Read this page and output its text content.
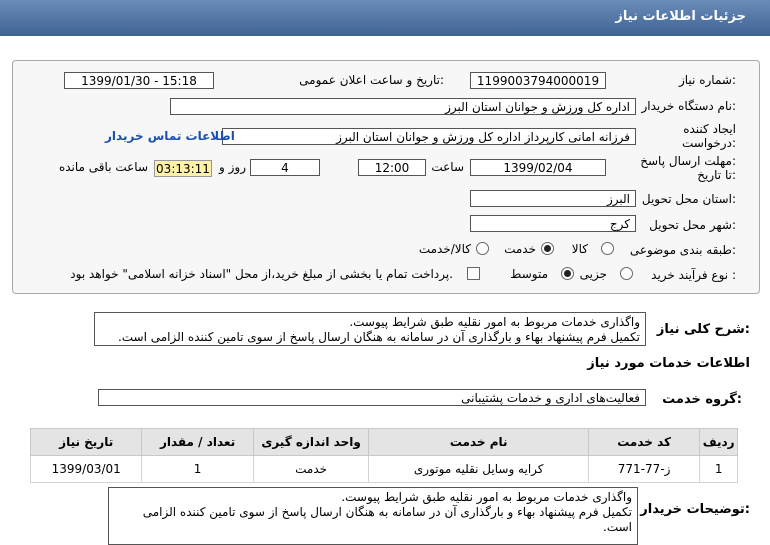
جزئیات اطلاعات نیاز
شماره نیاز:
1199003794000019
تاریخ و ساعت اعلان عمومی:
1399/01/30 - 15:18
نام دستگاه خریدار:
اداره کل ورزش و جوانان استان البرز
ایجاد کننده
درخواست:
فرزانه امانی کارپرداز اداره کل ورزش و جوانان استان البرز
اطلاعات تماس خریدار
مهلت ارسال پاسخ:
تا تاریخ:
1399/02/04
ساعت
12:00
4
روز و
03:13:11
ساعت باقی مانده
استان محل تحویل:
البرز
شهر محل تحویل:
کرج
طبقه بندی موضوعی:
کالا
خدمت
کالا/خدمت
نوع فرآیند خرید :
جزیی
متوسط
پرداخت تمام یا بخشی از مبلغ خرید،از محل "اسناد خزانه اسلامی" خواهد بود.
شرح کلی نیاز:
واگذاری خدمات مربوط به امور نقلیه طبق شرایط پیوست.
تکمیل فرم پیشنهاد بهاء و بارگذاری آن در سامانه به هنگان ارسال پاسخ از سوی تامین کننده الزامی است.
اطلاعات خدمات مورد نیاز
گروه خدمت:
فعالیت‌های اداری و خدمات پشتیبانی
ردیف	کد خدمت	نام خدمت	واحد اندازه گیری	تعداد / مقدار	تاریخ نیاز
1	ز-77-771	کرایه وسایل نقلیه موتوری	خدمت	1	1399/03/01
توضیحات خریدار:
واگذاری خدمات مربوط به امور نقلیه طبق شرایط پیوست.
تکمیل فرم پیشنهاد بهاء و بارگذاری آن در سامانه به هنگان ارسال پاسخ از سوی تامین کننده الزامی
است.
